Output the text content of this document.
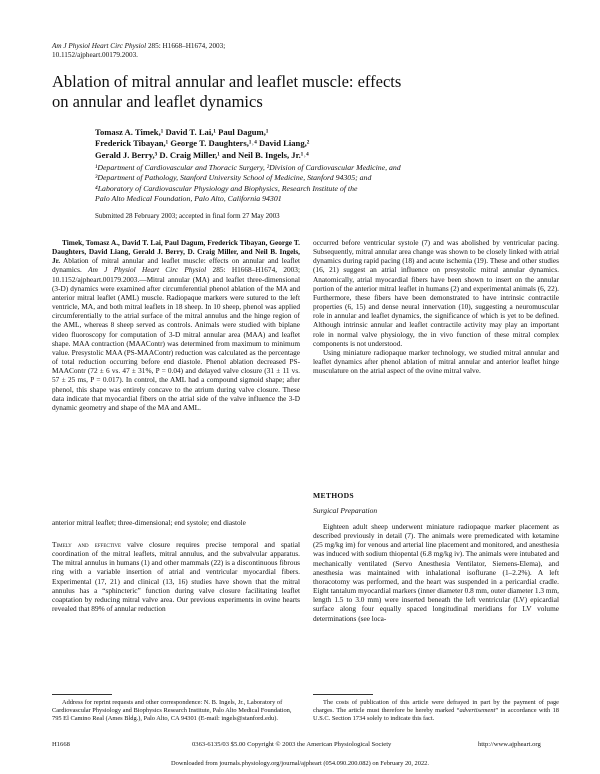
Am J Physiol Heart Circ Physiol 285: H1668–H1674, 2003;
10.1152/ajpheart.00179.2003.
Ablation of mitral annular and leaflet muscle: effects
on annular and leaflet dynamics
Tomasz A. Timek,¹ David T. Lai,¹ Paul Dagum,¹
Frederick Tibayan,¹ George T. Daughters,¹˒⁴ David Liang,²
Gerald J. Berry,³ D. Craig Miller,¹ and Neil B. Ingels, Jr.¹˒⁴

¹Department of Cardiovascular and Thoracic Surgery, ²Division of Cardiovascular Medicine, and

³Department of Pathology, Stanford University School of Medicine, Stanford 94305; and

⁴Laboratory of Cardiovascular Physiology and Biophysics, Research Institute of the

Palo Alto Medical Foundation, Palo Alto, California 94301

Submitted 28 February 2003; accepted in final form 27 May 2003

Timek, Tomasz A., David T. Lai, Paul Dagum, Frederick Tibayan, George T. Daughters, David Liang, Gerald J. Berry, D. Craig Miller, and Neil B. Ingels, Jr. Ablation of mitral annular and leaflet muscle: effects on annular and leaflet dynamics. Am J Physiol Heart Circ Physiol 285: H1668–H1674, 2003; 10.1152/ajpheart.00179.2003.—Mitral annular (MA) and leaflet three-dimensional (3-D) dynamics were examined after circumferential phenol ablation of the MA and anterior mitral leaflet (AML) muscle. Radiopaque markers were sutured to the left ventricle, MA, and both mitral leaflets in 18 sheep. In 10 sheep, phenol was applied circumferentially to the atrial surface of the mitral annulus and the hinge region of the AML, whereas 8 sheep served as controls. Animals were studied with biplane video fluoroscopy for computation of 3-D mitral annular area (MAA) and leaflet shape. MAA contraction (MAAContr) was determined from maximum to minimum value. Presystolic MAA (PS-MAAContr) reduction was calculated as the percentage of total reduction occurring before end diastole. Phenol ablation decreased PS-MAAContr (72 ± 6 vs. 47 ± 31%, P = 0.04) and delayed valve closure (31 ± 11 vs. 57 ± 25 ms, P = 0.017). In control, the AML had a compound sigmoid shape; after phenol, this shape was entirely concave to the atrium during valve closure. These data indicate that myocardial fibers on the atrial side of the valve influence the 3-D dynamic geometry and shape of the MA and AML.

anterior mitral leaflet; three-dimensional; end systole; end diastole

Timely and effective valve closure requires precise temporal and spatial coordination of the mitral leaflets, mitral annulus, and the subvalvular apparatus. The mitral annulus in humans (1) and other mammals (22) is a discontinuous fibrous ring with a variable insertion of atrial and ventricular myocardial fibers. Experimental (17, 21) and clinical (13, 16) studies have shown that the mitral annulus has a “sphincteric” function during valve closure facilitating leaflet coaptation by reducing mitral valve area. Our previous experiments in ovine hearts revealed that 89% of annular reduction

occurred before ventricular systole (7) and was abolished by ventricular pacing. Subsequently, mitral annular area change was shown to be closely linked with atrial dynamics during rapid pacing (18) and acute ischemia (19). These and other studies (16, 21) suggest an atrial influence on presystolic mitral annular dynamics. Anatomically, atrial myocardial fibers have been shown to insert on the annular portion of the anterior mitral leaflet in humans (2) and experimental animals (6, 22). Furthermore, these fibers have been demonstrated to have intrinsic contractile properties (6, 15) and dense neural innervation (10), suggesting a neuromuscular role in annular and leaflet dynamics, the significance of which is yet to be defined. Although intrinsic annular and leaflet contractile activity may play an important role in normal valve physiology, the in vivo function of these mitral complex components is not understood.

Using miniature radiopaque marker technology, we studied mitral annular and leaflet dynamics after phenol ablation of mitral annular and anterior leaflet hinge musculature on the atrial aspect of the ovine mitral valve.

METHODS
Surgical Preparation

Eighteen adult sheep underwent miniature radiopaque marker placement as described previously in detail (7). The animals were premedicated with ketamine (25 mg/kg im) for venous and arterial line placement and monitored, and anesthesia was induced with sodium thiopental (6.8 mg/kg iv). The animals were intubated and mechanically ventilated (Servo Anesthesia Ventilator, Siemens-Elema), and anesthesia was maintained with inhalational isoflurane (1–2.2%). A left thoracotomy was performed, and the heart was suspended in a pericardial cradle. Eight tantalum myocardial markers (inner diameter 0.8 mm, outer diameter 1.3 mm, length 1.5 to 3.0 mm) were inserted beneath the left ventricular (LV) epicardial surface along four equally spaced longitudinal meridians for LV volume determinations (see loca-

Address for reprint requests and other correspondence: N. B. Ingels, Jr., Laboratory of Cardiovascular Physiology and Biophysics Research Institute, Palo Alto Medical Foundation, 795 El Camino Real (Ames Bldg.), Palo Alto, CA 94301 (E-mail: ingels@stanford.edu).
The costs of publication of this article were defrayed in part by the payment of page charges. The article must therefore be hereby marked “advertisement” in accordance with 18 U.S.C. Section 1734 solely to indicate this fact.
H1668	0363-6135/03 $5.00 Copyright © 2003 the American Physiological Society	http://www.ajpheart.org
Downloaded from journals.physiology.org/journal/ajpheart (054.090.200.082) on February 20, 2022.
